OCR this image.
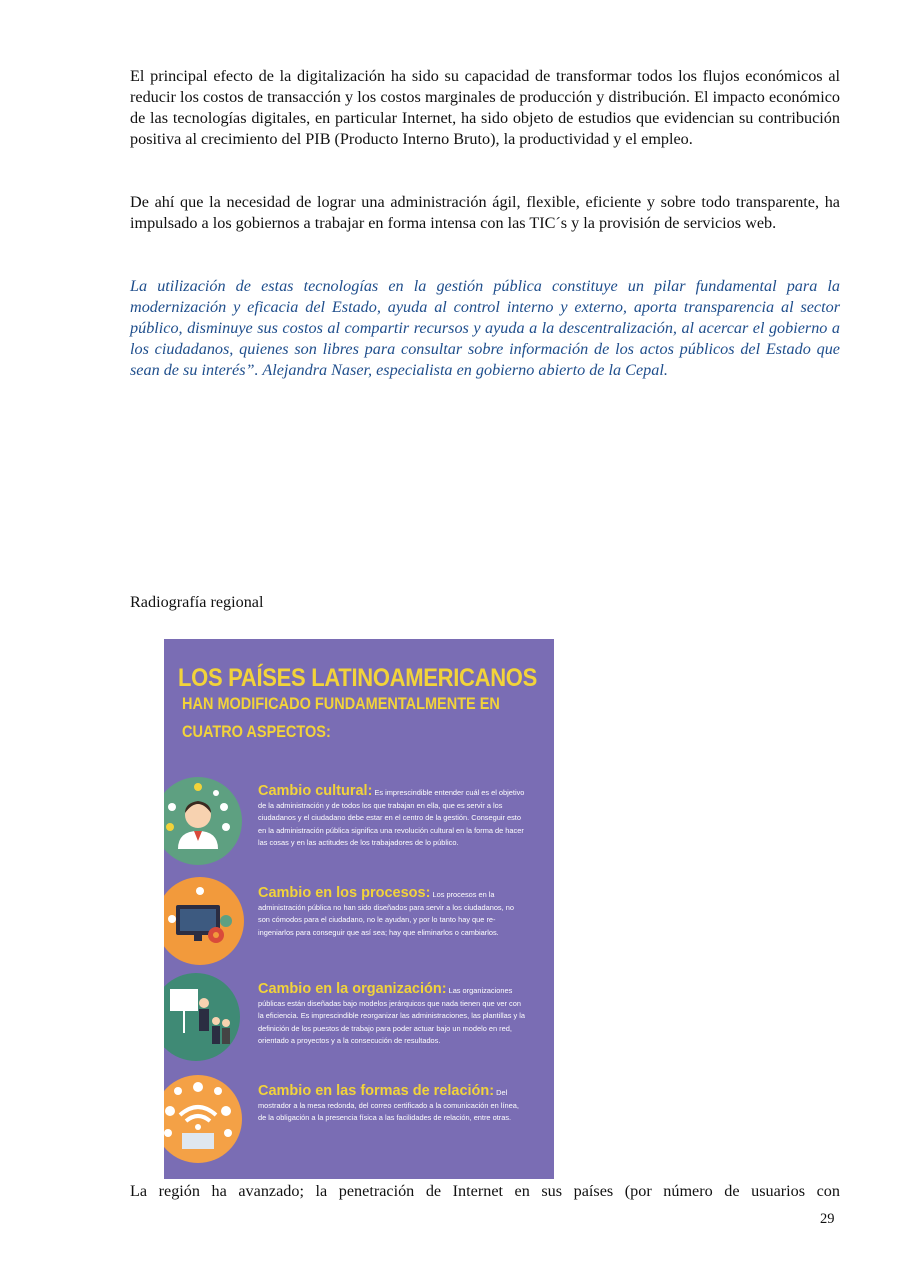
El principal efecto de la digitalización ha sido su capacidad de transformar todos los flujos económicos al reducir los costos de transacción y los costos marginales de producción y distribución. El impacto económico de las tecnologías digitales, en particular Internet, ha sido objeto de estudios que evidencian su contribución positiva al crecimiento del PIB (Producto Interno Bruto), la productividad y el empleo.

De ahí que la necesidad de lograr una administración ágil, flexible, eficiente y sobre todo transparente, ha impulsado a los gobiernos a trabajar en forma intensa con las TIC´s y la provisión de servicios web.

La utilización de estas tecnologías en la gestión pública constituye un pilar fundamental para la modernización y eficacia del Estado, ayuda al control interno y externo, aporta transparencia al sector público, disminuye sus costos al compartir recursos y ayuda a la descentralización, al acercar el gobierno a los ciudadanos, quienes son libres para consultar sobre información de los actos públicos del Estado que sean de su interés”. Alejandra Naser, especialista en gobierno abierto de la Cepal.

Radiografía regional

LOS PAÍSES LATINOAMERICANOS

HAN MODIFICADO FUNDAMENTALMENTE EN

CUATRO ASPECTOS:

Cambio cultural: Es imprescindible entender cuál es el objetivo de la administración y de todos los que trabajan en ella, que es servir a los ciudadanos y el ciudadano debe estar en el centro de la gestión. Conseguir esto en la administración pública significa una revolución cultural en la forma de hacer las cosas y en las actitudes de los trabajadores de lo público.

Cambio en los procesos: Los procesos en la administración pública no han sido diseñados para servir a los ciudadanos, no son cómodos para el ciudadano, no le ayudan, y por lo tanto hay que re-ingeniarlos para conseguir que así sea; hay que eliminarlos o cambiarlos.

Cambio en la organización: Las organizaciones públicas están diseñadas bajo modelos jerárquicos que nada tienen que ver con la eficiencia. Es imprescindible reorganizar las administraciones, las plantillas y la definición de los puestos de trabajo para poder actuar bajo un modelo en red, orientado a proyectos y a la consecución de resultados.

Cambio en las formas de relación: Del mostrador a la mesa redonda, del correo certificado a la comunicación en línea, de la obligación a la presencia física a las facilidades de relación, entre otras.

La región ha avanzado; la penetración de Internet en sus países (por número de usuarios con

29
